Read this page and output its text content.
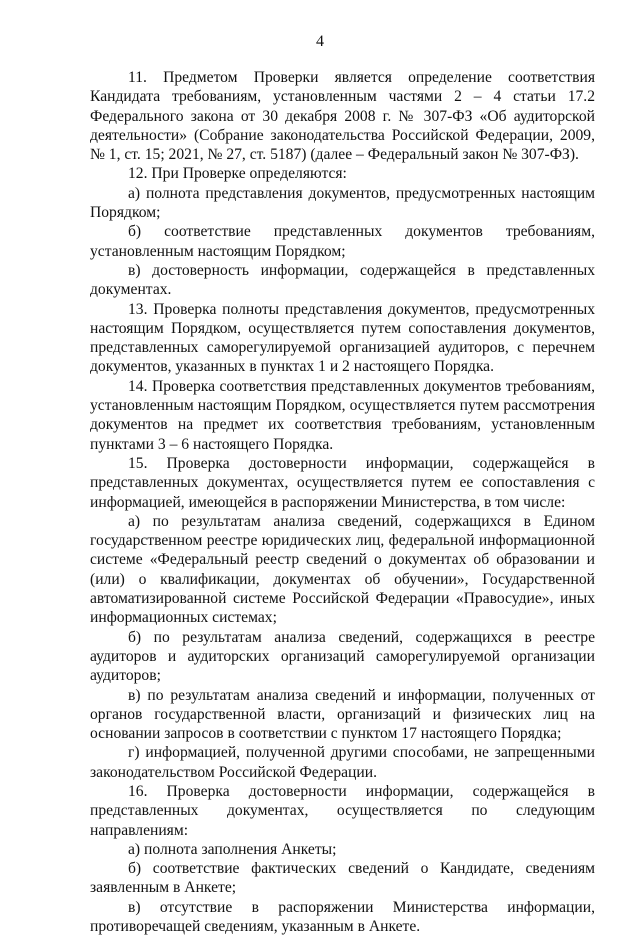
4

11. Предметом Проверки является определение соответствия Кандидата требованиям, установленным частями 2 – 4 статьи 17.2 Федерального закона от 30 декабря 2008 г. № 307-ФЗ «Об аудиторской деятельности» (Собрание законодательства Российской Федерации, 2009, № 1, ст. 15; 2021, № 27, ст. 5187) (далее – Федеральный закон № 307-ФЗ).

12. При Проверке определяются:

а) полнота представления документов, предусмотренных настоящим Порядком;

б) соответствие представленных документов требованиям, установленным настоящим Порядком;

в) достоверность информации, содержащейся в представленных документах.

13. Проверка полноты представления документов, предусмотренных настоящим Порядком, осуществляется путем сопоставления документов, представленных саморегулируемой организацией аудиторов, с перечнем документов, указанных в пунктах 1 и 2 настоящего Порядка.

14. Проверка соответствия представленных документов требованиям, установленным настоящим Порядком, осуществляется путем рассмотрения документов на предмет их соответствия требованиям, установленным пунктами 3 – 6 настоящего Порядка.

15. Проверка достоверности информации, содержащейся в представленных документах, осуществляется путем ее сопоставления с информацией, имеющейся в распоряжении Министерства, в том числе:

а) по результатам анализа сведений, содержащихся в Едином государственном реестре юридических лиц, федеральной информационной системе «Федеральный реестр сведений о документах об образовании и (или) о квалификации, документах об обучении», Государственной автоматизированной системе Российской Федерации «Правосудие», иных информационных системах;

б) по результатам анализа сведений, содержащихся в реестре аудиторов и аудиторских организаций саморегулируемой организации аудиторов;

в) по результатам анализа сведений и информации, полученных от органов государственной власти, организаций и физических лиц на основании запросов в соответствии с пунктом 17 настоящего Порядка;

г) информацией, полученной другими способами, не запрещенными законодательством Российской Федерации.

16. Проверка достоверности информации, содержащейся в представленных документах, осуществляется по следующим направлениям:

а) полнота заполнения Анкеты;

б) соответствие фактических сведений о Кандидате, сведениям заявленным в Анкете;

в) отсутствие в распоряжении Министерства информации, противоречащей сведениям, указанным в Анкете.
